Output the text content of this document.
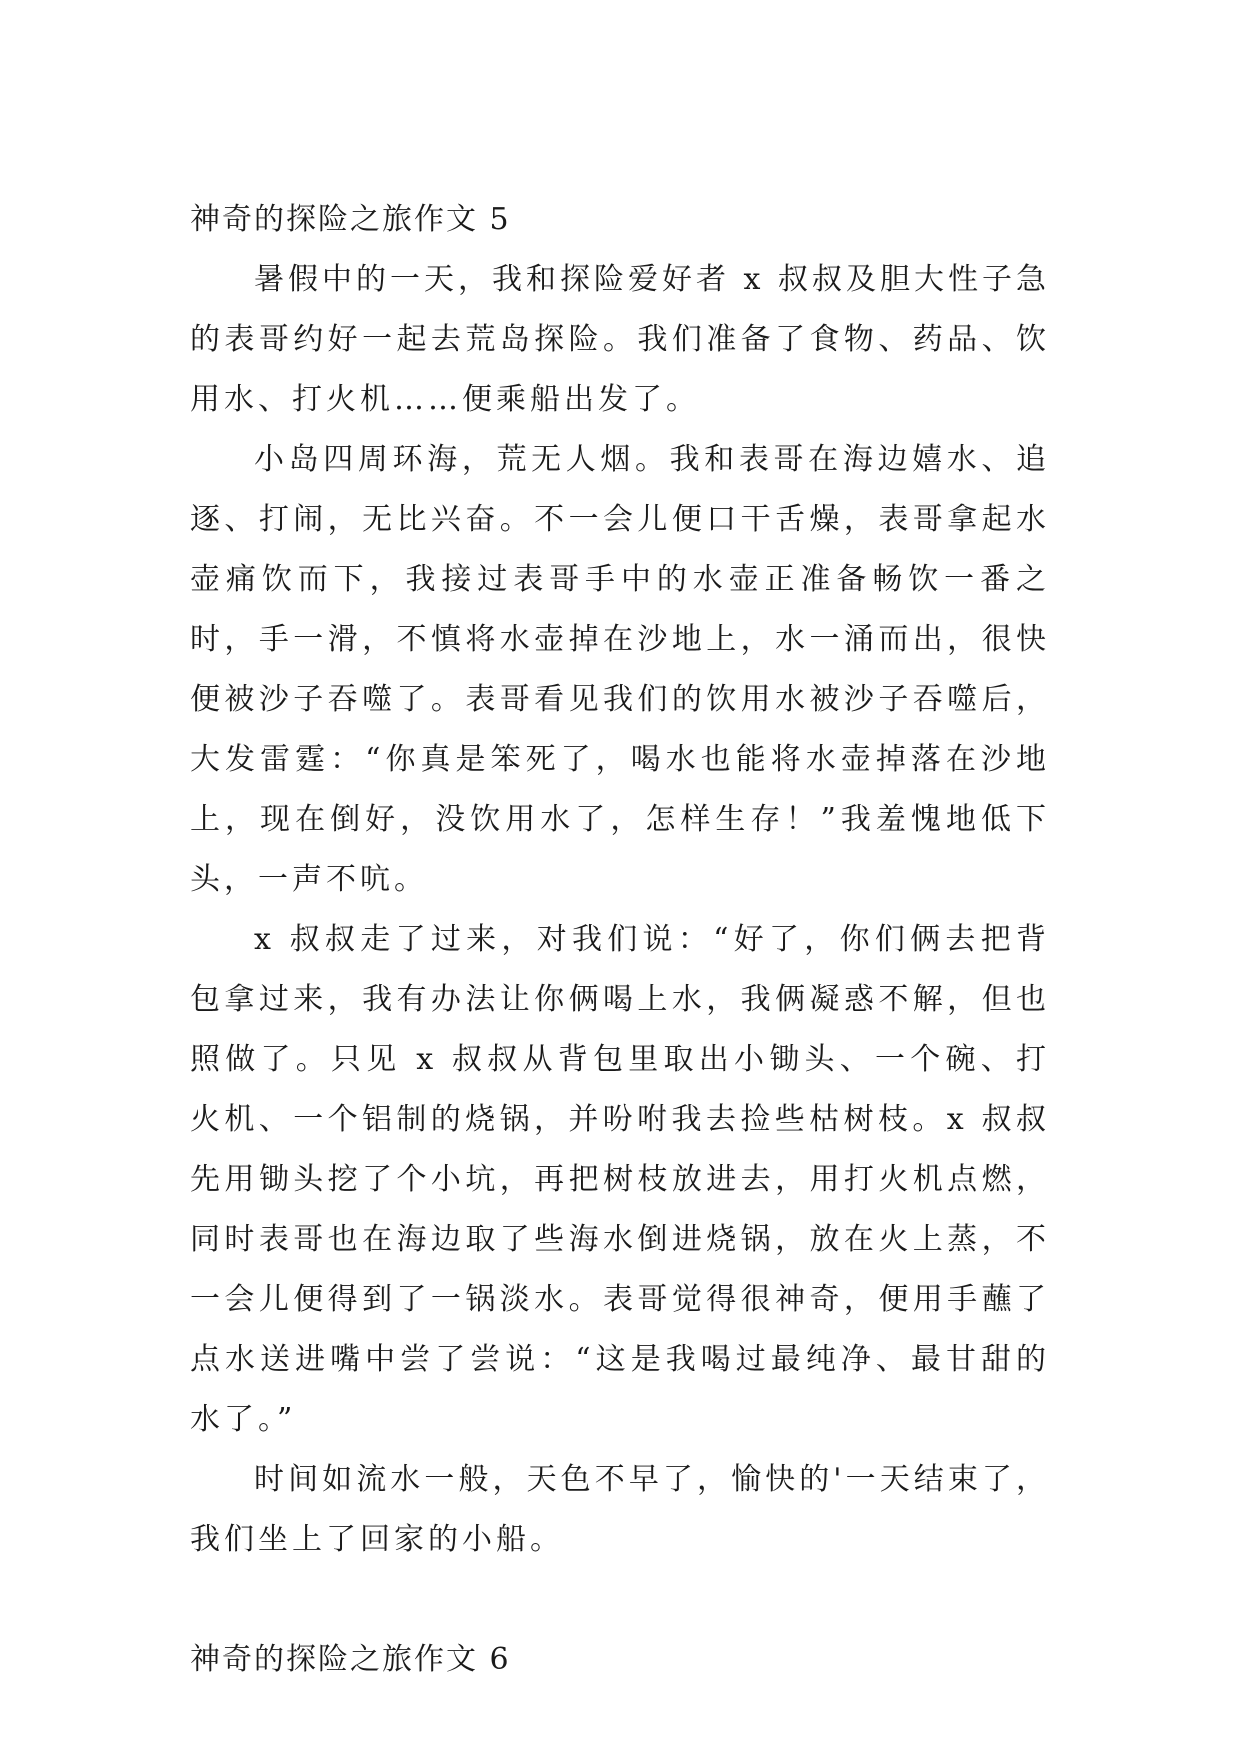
神奇的探险之旅作文 5

暑假中的一天，我和探险爱好者 x 叔叔及胆大性子急的表哥约好一起去荒岛探险。我们准备了食物、药品、饮用水、打火机……便乘船出发了。

小岛四周环海，荒无人烟。我和表哥在海边嬉水、追逐、打闹，无比兴奋。不一会儿便口干舌燥，表哥拿起水壶痛饮而下，我接过表哥手中的水壶正准备畅饮一番之时，手一滑，不慎将水壶掉在沙地上，水一涌而出，很快便被沙子吞噬了。表哥看见我们的饮用水被沙子吞噬后，大发雷霆：“你真是笨死了，喝水也能将水壶掉落在沙地上，现在倒好，没饮用水了，怎样生存！”我羞愧地低下头，一声不吭。

x 叔叔走了过来，对我们说：“好了，你们俩去把背包拿过来，我有办法让你俩喝上水，我俩凝惑不解，但也照做了。只见 x 叔叔从背包里取出小锄头、一个碗、打火机、一个铝制的烧锅，并吩咐我去捡些枯树枝。x 叔叔先用锄头挖了个小坑，再把树枝放进去，用打火机点燃，同时表哥也在海边取了些海水倒进烧锅，放在火上蒸，不一会儿便得到了一锅淡水。表哥觉得很神奇，便用手蘸了点水送进嘴中尝了尝说：“这是我喝过最纯净、最甘甜的水了。”

时间如流水一般，天色不早了，愉快的'一天结束了，我们坐上了回家的小船。

神奇的探险之旅作文 6
